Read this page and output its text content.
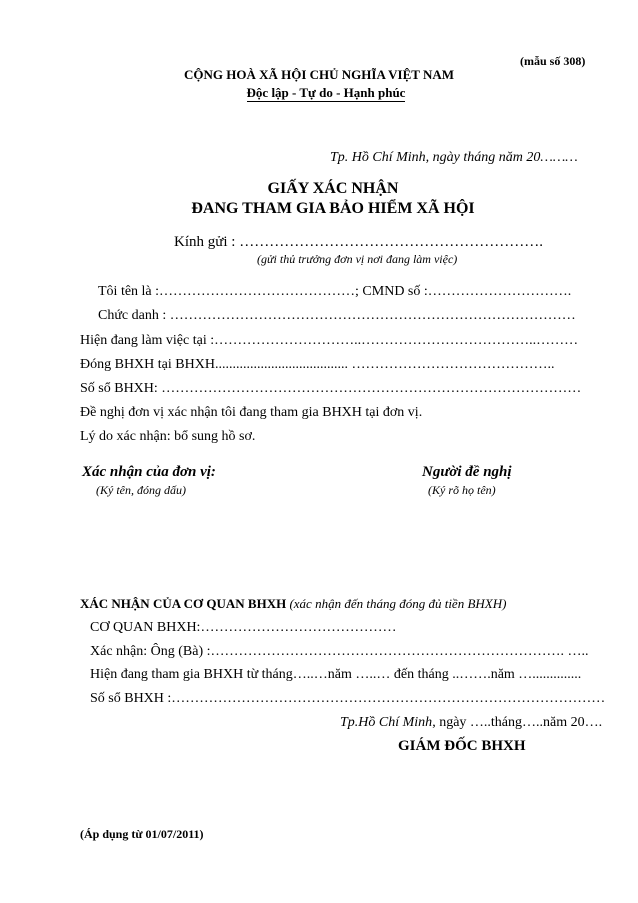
(mẫu số 308)
CỘNG HOÀ XÃ HỘI CHỦ NGHĨA VIỆT NAM
Độc lập - Tự do - Hạnh phúc
Tp. Hồ Chí Minh, ngày tháng năm 20………
GIẤY XÁC NHẬN
ĐANG THAM GIA BẢO HIỂM XÃ HỘI
Kính gửi : …………………………………………………….
(gửi thủ trưởng đơn vị nơi đang làm việc)
Tôi tên là :……………………………………; CMND số :………………………….
Chức danh : ……………………………………………………………………………
Hiện đang làm việc tại :…………………………..………………………………..………
Đóng BHXH tại BHXH...................................... ……………………………………..
Số sổ BHXH: ………………………………………………………………………………
Đề nghị đơn vị xác nhận tôi đang tham gia BHXH tại đơn vị.
Lý do xác nhận: bổ sung hồ sơ.
Xác nhận của đơn vị:
(Ký tên, đóng dấu)
Người đề nghị
(Ký rõ họ tên)
XÁC NHẬN CỦA CƠ QUAN BHXH (xác nhận đến tháng đóng đủ tiền BHXH)
CƠ QUAN BHXH:……………………………………
Xác nhận: Ông (Bà) :…………………………………………………………………. …..
Hiện đang tham gia BHXH từ tháng…..…năm …..… đến tháng ..…….năm …..............
Số sổ BHXH :…………………………………………………………………………………
Tp.Hồ Chí Minh, ngày …..tháng…..năm 20….
GIÁM ĐỐC BHXH
(Áp dụng từ 01/07/2011)
